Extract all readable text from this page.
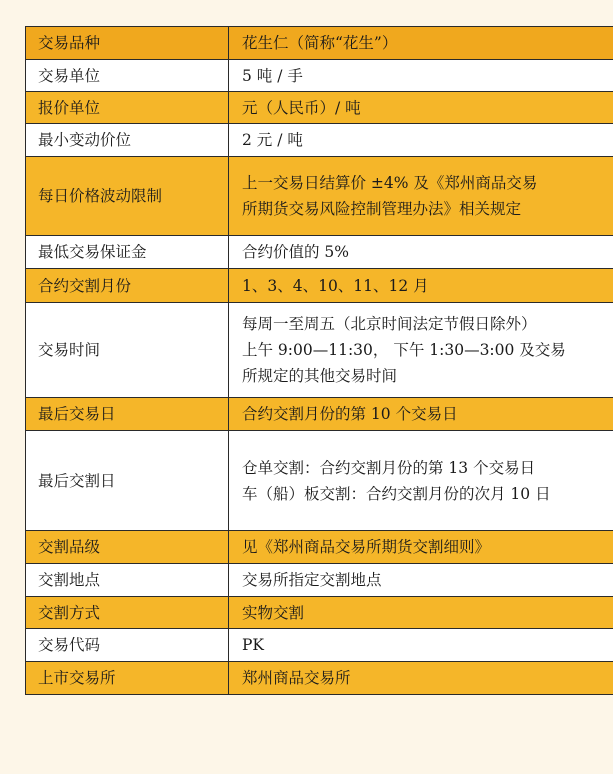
交易品种	花生仁（简称“花生”）

交易单位	5 吨 / 手

报价单位	元（人民币）/ 吨

最小变动价位	2 元 / 吨

每日价格波动限制	上一交易日结算价 ±4% 及《郑州商品交易
所期货交易风险控制管理办法》相关规定

最低交易保证金	合约价值的 5%

合约交割月份	1、3、4、10、11、12 月

交易时间	每周一至周五（北京时间法定节假日除外）
上午 9:00—11:30， 下午 1:30—3:00 及交易
所规定的其他交易时间

最后交易日	合约交割月份的第 10 个交易日

最后交割日	仓单交割：合约交割月份的第 13 个交易日
车（船）板交割：合约交割月份的次月 10 日

交割品级	见《郑州商品交易所期货交割细则》

交割地点	交易所指定交割地点

交割方式	实物交割

交易代码	PK

上市交易所	郑州商品交易所
